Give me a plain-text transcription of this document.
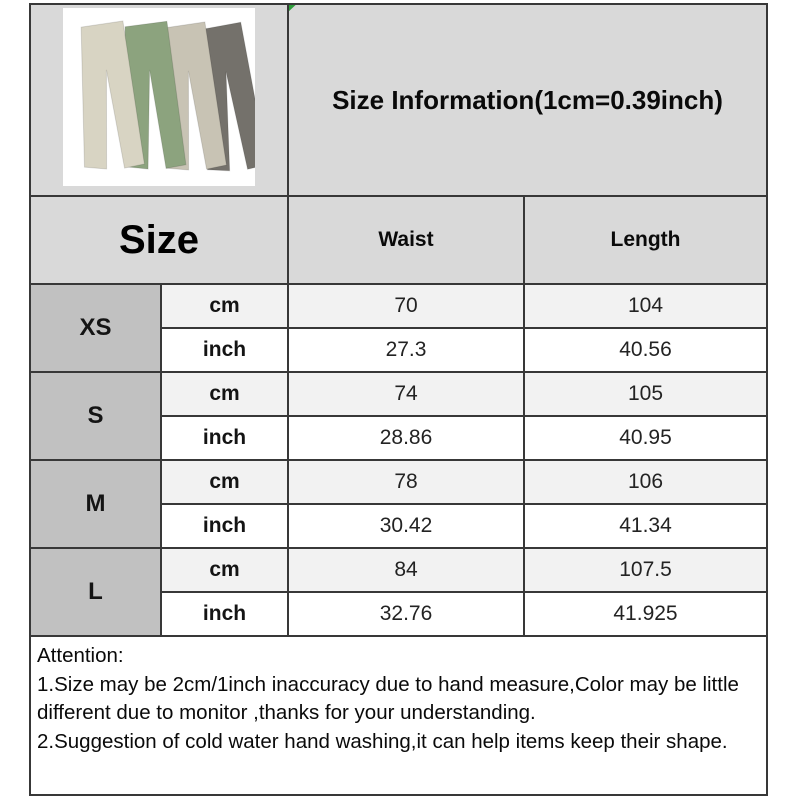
Size Information(1cm=0.39inch)
Size	Waist	Length
XS
cm	70	104
inch	27.3	40.56
S
cm	74	105
inch	28.86	40.95
M
cm	78	106
inch	30.42	41.34
L
cm	84	107.5
inch	32.76	41.925
Attention:
1.Size may be 2cm/1inch inaccuracy due to hand measure,Color may be little
different due to monitor ,thanks for your understanding.
2.Suggestion of cold water hand washing,it can help items keep their shape.
